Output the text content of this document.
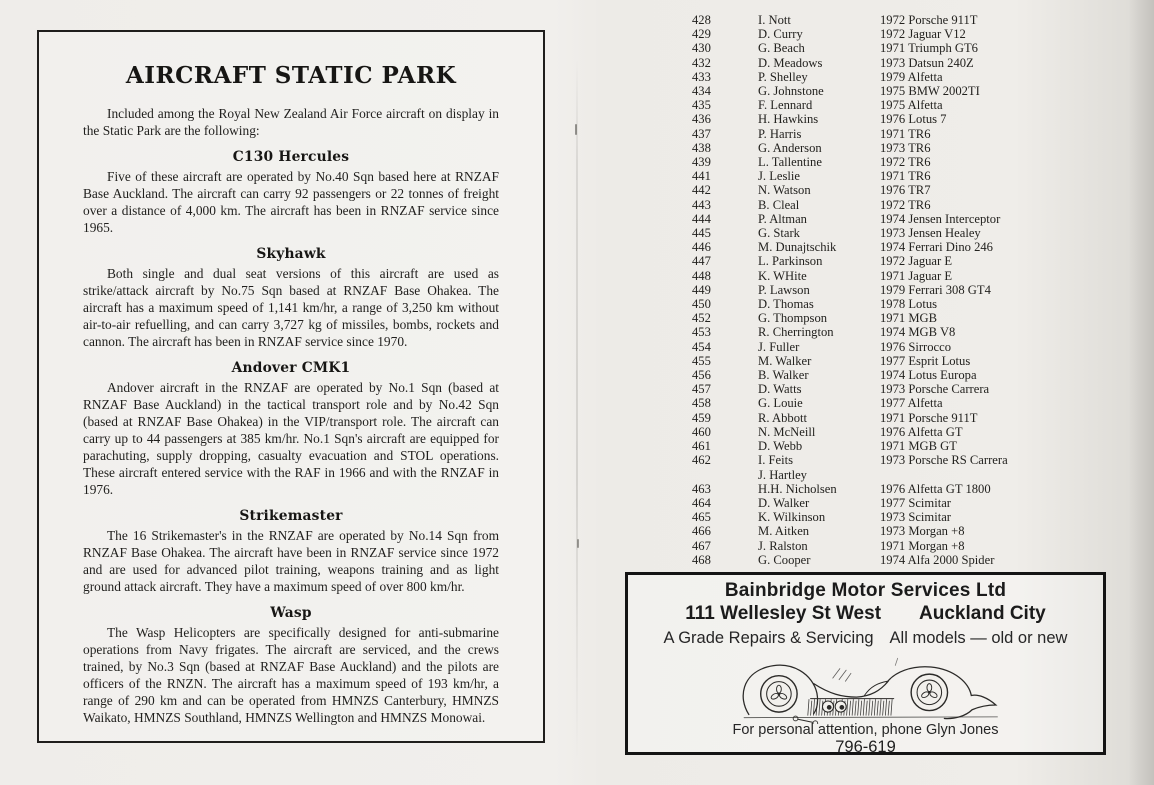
AIRCRAFT STATIC PARK

Included among the Royal New Zealand Air Force aircraft on display in the Static Park are the following:

C130 Hercules

Five of these aircraft are operated by No.40 Sqn based here at RNZAF Base Auckland. The aircraft can carry 92 passengers or 22 tonnes of freight over a distance of 4,000 km. The aircraft has been in RNZAF service since 1965.

Skyhawk

Both single and dual seat versions of this aircraft are used as strike/attack aircraft by No.75 Sqn based at RNZAF Base Ohakea. The aircraft has a maximum speed of 1,141 km/hr, a range of 3,250 km without air-to-air refuelling, and can carry 3,727 kg of missiles, bombs, rockets and cannon. The aircraft has been in RNZAF service since 1970.

Andover CMK1

Andover aircraft in the RNZAF are operated by No.1 Sqn (based at RNZAF Base Auckland) in the tactical transport role and by No.42 Sqn (based at RNZAF Base Ohakea) in the VIP/transport role. The aircraft can carry up to 44 passengers at 385 km/hr. No.1 Sqn's aircraft are equipped for parachuting, supply dropping, casualty evacuation and STOL operations. These aircraft entered service with the RAF in 1966 and with the RNZAF in 1976.

Strikemaster

The 16 Strikemaster's in the RNZAF are operated by No.14 Sqn from RNZAF Base Ohakea. The aircraft have been in RNZAF service since 1972 and are used for advanced pilot training, weapons training and as light ground attack aircraft. They have a maximum speed of over 800 km/hr.

Wasp

The Wasp Helicopters are specifically designed for anti-submarine operations from Navy frigates. The aircraft are serviced, and the crews trained, by No.3 Sqn (based at RNZAF Base Auckland) and the pilots are officers of the RNZN. The aircraft has a maximum speed of 193 km/hr, a range of 290 km and can be operated from HMNZS Canterbury, HMNZS Waikato, HMNZS Southland, HMNZS Wellington and HMNZS Monowai.

428	I. Nott	1972 Porsche 911T
429	D. Curry	1972 Jaguar V12
430	G. Beach	1971 Triumph GT6
432	D. Meadows	1973 Datsun 240Z
433	P. Shelley	1979 Alfetta
434	G. Johnstone	1975 BMW 2002TI
435	F. Lennard	1975 Alfetta
436	H. Hawkins	1976 Lotus 7
437	P. Harris	1971 TR6
438	G. Anderson	1973 TR6
439	L. Tallentine	1972 TR6
441	J. Leslie	1971 TR6
442	N. Watson	1976 TR7
443	B. Cleal	1972 TR6
444	P. Altman	1974 Jensen Interceptor
445	G. Stark	1973 Jensen Healey
446	M. Dunajtschik	1974 Ferrari Dino 246
447	L. Parkinson	1972 Jaguar E
448	K. WHite	1971 Jaguar E
449	P. Lawson	1979 Ferrari 308 GT4
450	D. Thomas	1978 Lotus
452	G. Thompson	1971 MGB
453	R. Cherrington	1974 MGB V8
454	J. Fuller	1976 Sirrocco
455	M. Walker	1977 Esprit Lotus
456	B. Walker	1974 Lotus Europa
457	D. Watts	1973 Porsche Carrera
458	G. Louie	1977 Alfetta
459	R. Abbott	1971 Porsche 911T
460	N. McNeill	1976 Alfetta GT
461	D. Webb	1971 MGB GT
462	I. Feits	1973 Porsche RS Carrera
J. Hartley
463	H.H. Nicholsen	1976 Alfetta GT 1800
464	D. Walker	1977 Scimitar
465	K. Wilkinson	1973 Scimitar
466	M. Aitken	1973 Morgan +8
467	J. Ralston	1971 Morgan +8
468	G. Cooper	1974 Alfa 2000 Spider
Bainbridge Motor Services Ltd
111 Wellesley St West Auckland City
A Grade Repairs & Servicing All models — old or new
For personal attention, phone Glyn Jones
796-619
